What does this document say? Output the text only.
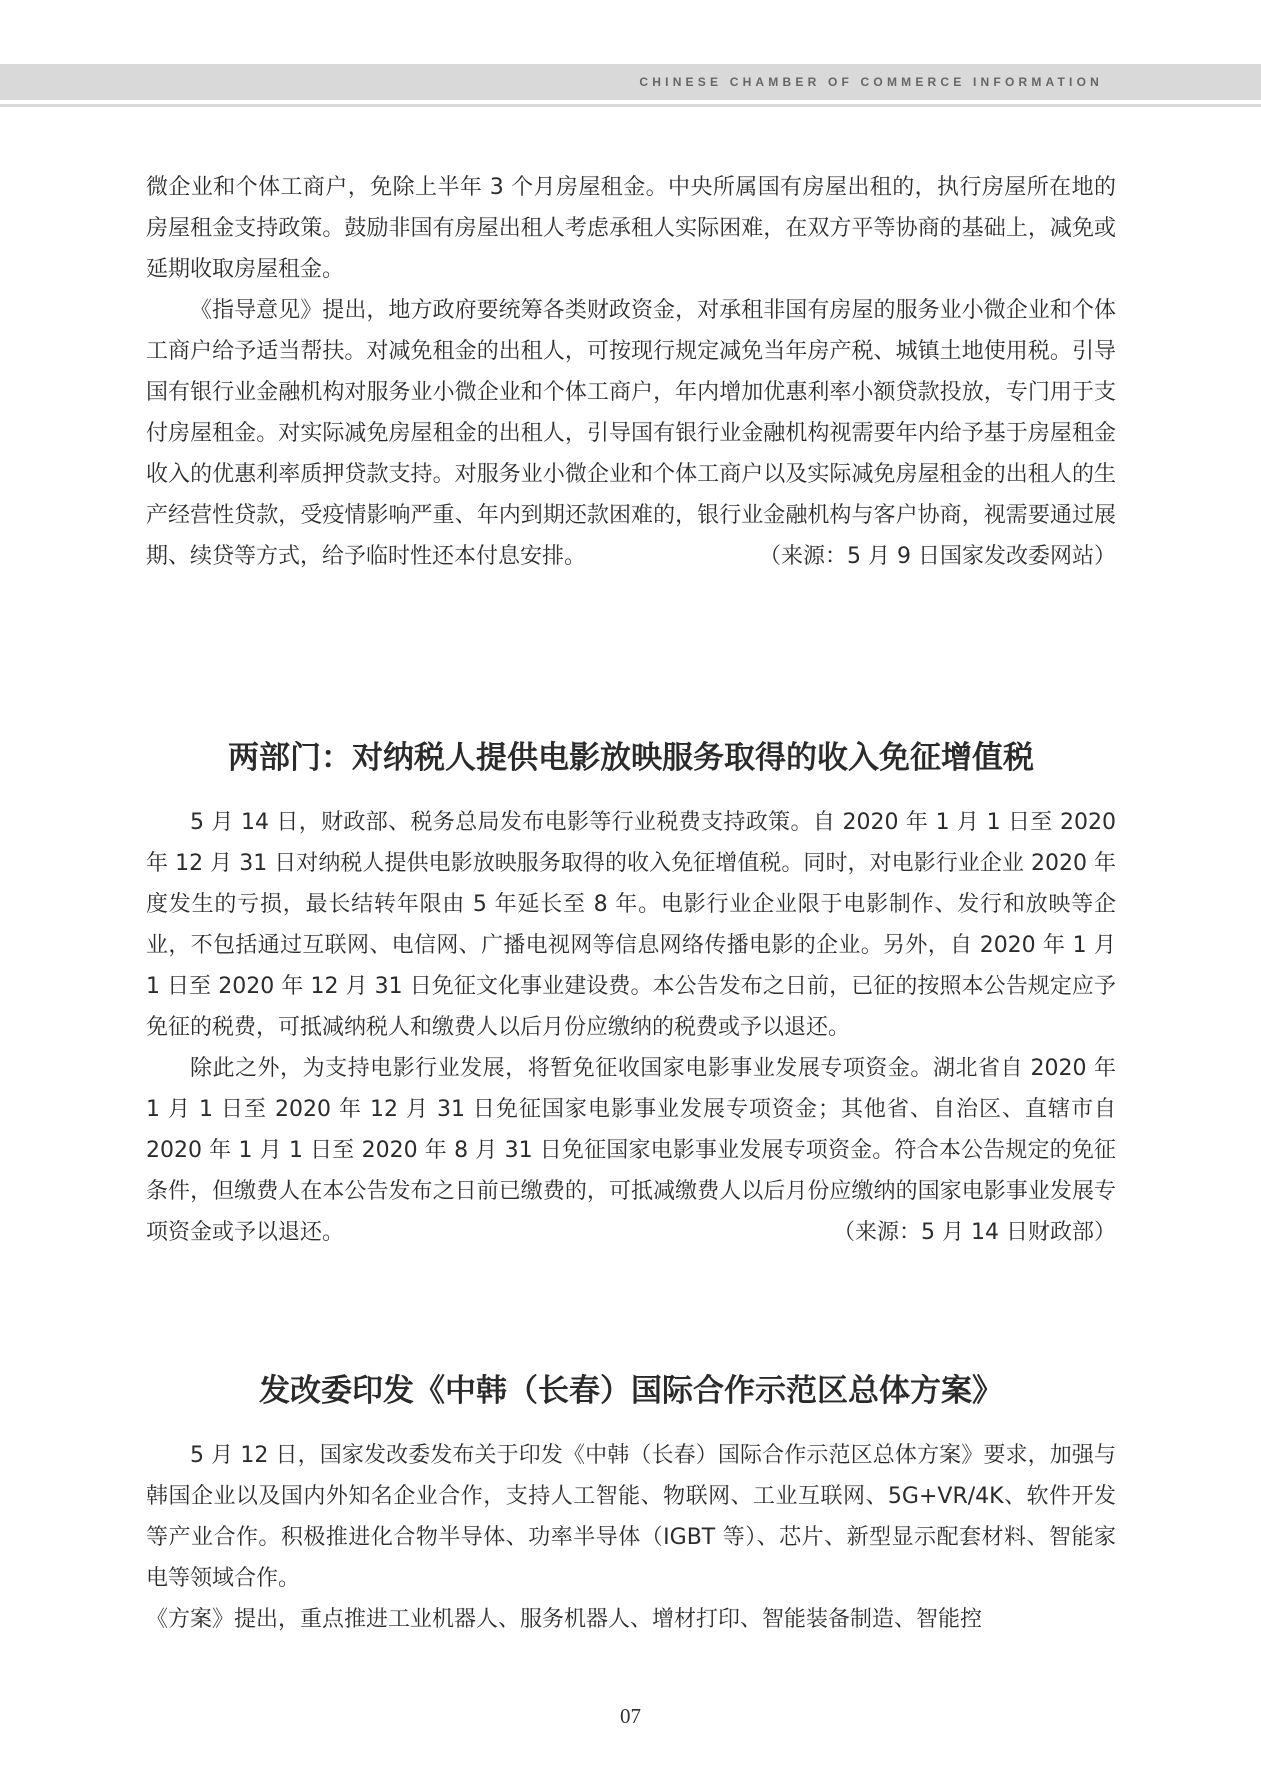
CHINESE CHAMBER OF COMMERCE INFORMATION

微企业和个体工商户，免除上半年 3 个月房屋租金。中央所属国有房屋出租的，执行房屋所在地的房屋租金支持政策。鼓励非国有房屋出租人考虑承租人实际困难，在双方平等协商的基础上，减免或延期收取房屋租金。

《指导意见》提出，地方政府要统筹各类财政资金，对承租非国有房屋的服务业小微企业和个体工商户给予适当帮扶。对减免租金的出租人，可按现行规定减免当年房产税、城镇土地使用税。引导国有银行业金融机构对服务业小微企业和个体工商户，年内增加优惠利率小额贷款投放，专门用于支付房屋租金。对实际减免房屋租金的出租人，引导国有银行业金融机构视需要年内给予基于房屋租金收入的优惠利率质押贷款支持。对服务业小微企业和个体工商户以及实际减免房屋租金的出租人的生产经营性贷款，受疫情影响严重、年内到期还款困难的，银行业金融机构与客户协商，视需要通过展期、续贷等方式，给予临时性还本付息安排。	（来源：5 月 9 日国家发改委网站）

两部门：对纳税人提供电影放映服务取得的收入免征增值税

5 月 14 日，财政部、税务总局发布电影等行业税费支持政策。自 2020 年 1 月 1 日至 2020 年 12 月 31 日对纳税人提供电影放映服务取得的收入免征增值税。同时，对电影行业企业 2020 年度发生的亏损，最长结转年限由 5 年延长至 8 年。电影行业企业限于电影制作、发行和放映等企业，不包括通过互联网、电信网、广播电视网等信息网络传播电影的企业。另外，自 2020 年 1 月 1 日至 2020 年 12 月 31 日免征文化事业建设费。本公告发布之日前，已征的按照本公告规定应予免征的税费，可抵减纳税人和缴费人以后月份应缴纳的税费或予以退还。

除此之外，为支持电影行业发展，将暂免征收国家电影事业发展专项资金。湖北省自 2020 年 1 月 1 日至 2020 年 12 月 31 日免征国家电影事业发展专项资金；其他省、自治区、直辖市自 2020 年 1 月 1 日至 2020 年 8 月 31 日免征国家电影事业发展专项资金。符合本公告规定的免征条件，但缴费人在本公告发布之日前已缴费的，可抵减缴费人以后月份应缴纳的国家电影事业发展专项资金或予以退还。	（来源：5 月 14 日财政部）

发改委印发《中韩（长春）国际合作示范区总体方案》

5 月 12 日，国家发改委发布关于印发《中韩（长春）国际合作示范区总体方案》要求，加强与韩国企业以及国内外知名企业合作，支持人工智能、物联网、工业互联网、5G+VR/4K、软件开发等产业合作。积极推进化合物半导体、功率半导体（IGBT 等）、芯片、新型显示配套材料、智能家电等领域合作。

《方案》提出，重点推进工业机器人、服务机器人、增材打印、智能装备制造、智能控

07
